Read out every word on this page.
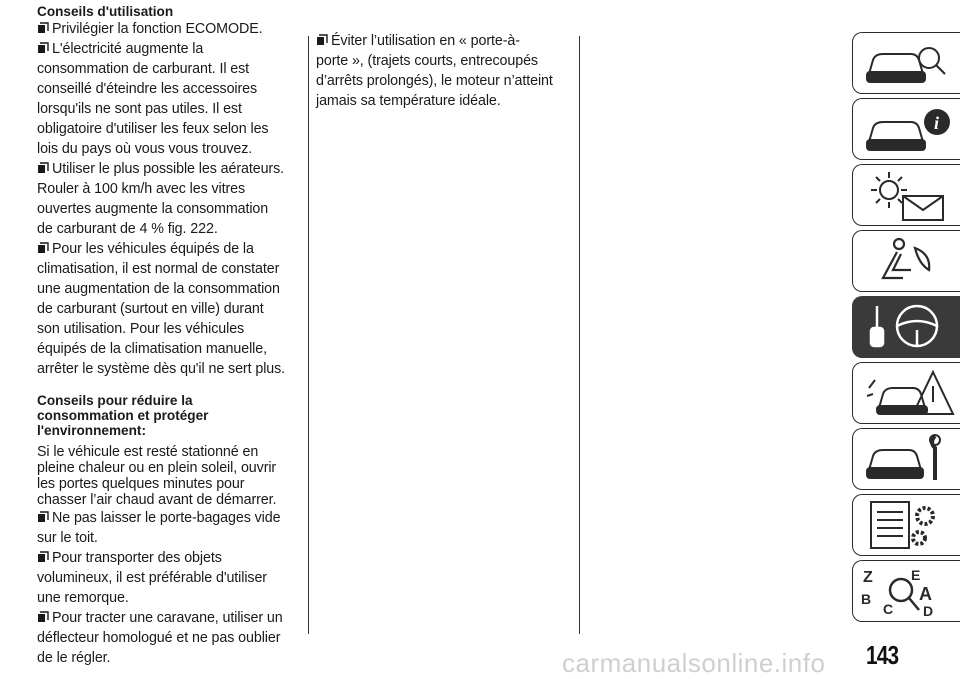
Conseils d'utilisation

Privilégier la fonction ECOMODE.

L'électricité augmente la

consommation de carburant. Il est

conseillé d'éteindre les accessoires

lorsqu'ils ne sont pas utiles. Il est

obligatoire d'utiliser les feux selon les

lois du pays où vous vous trouvez.

Utiliser le plus possible les aérateurs.

Rouler à 100 km/h avec les vitres

ouvertes augmente la consommation

de carburant de 4 % fig. 222.

Pour les véhicules équipés de la

climatisation, il est normal de constater

une augmentation de la consommation

de carburant (surtout en ville) durant

son utilisation. Pour les véhicules

équipés de la climatisation manuelle,

arrêter le système dès qu'il ne sert plus.

Conseils pour réduire la

consommation et protéger

l'environnement:

Si le véhicule est resté stationné en
pleine chaleur ou en plein soleil, ouvrir
les portes quelques minutes pour
chasser l’air chaud avant de démarrer.

Ne pas laisser le porte-bagages vide

sur le toit.

Pour transporter des objets

volumineux, il est préférable d'utiliser

une remorque.

Pour tracter une caravane, utiliser un

déflecteur homologué et ne pas oublier

de le régler.

Éviter l’utilisation en « porte-à-

porte », (trajets courts, entrecoupés

d’arrêts prolongés), le moteur n’atteint

jamais sa température idéale.

i
Z	E
B	A
D
C
143
carmanualsonline.info
